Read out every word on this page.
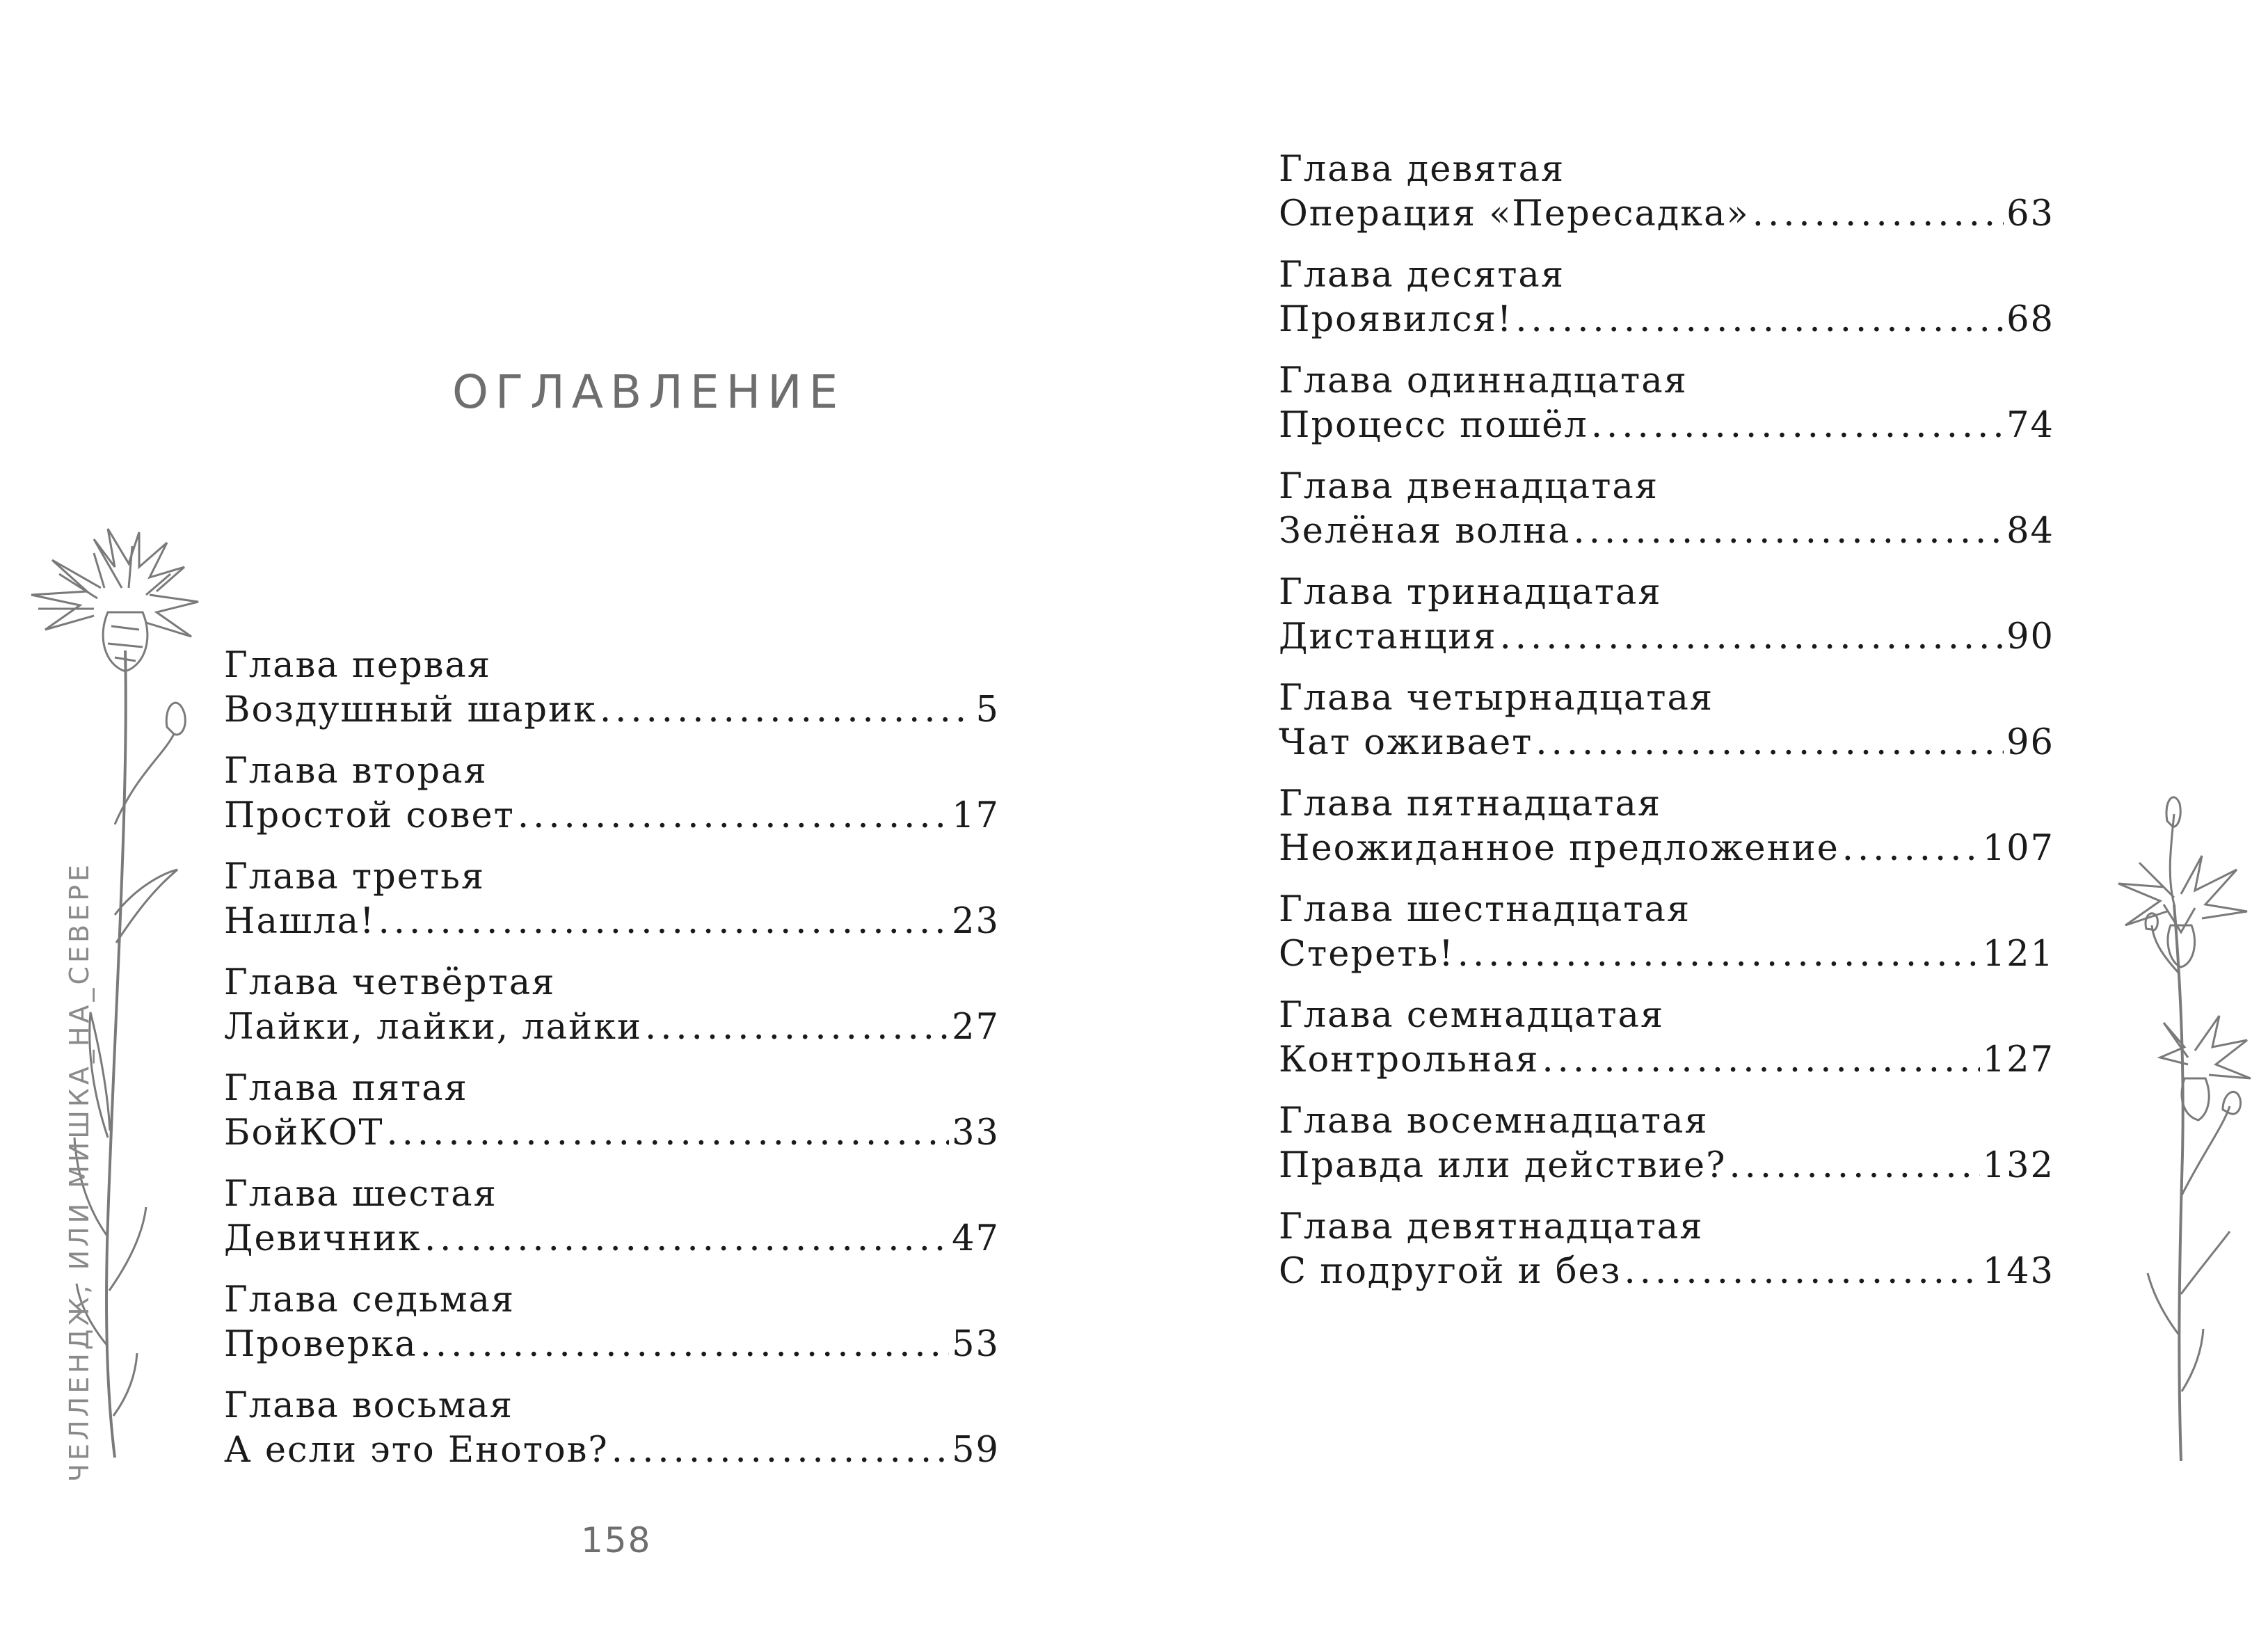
ЧЕЛЛЕНДЖ, ИЛИ МИШКА_НА_СЕВЕРЕ
ОГЛАВЛЕНИЕ
Глава первая
Воздушный шарик .....	5
Глава вторая
Простой совет .....	17
Глава третья
Нашла! .....	23
Глава четвёртая
Лайки, лайки, лайки .....	27
Глава пятая
БойКОТ .....	33
Глава шестая
Девичник .....	47
Глава седьмая
Проверка .....	53
Глава восьмая
А если это Енотов? .....	59
158
Глава девятая
Операция «Пересадка» .....	63
Глава десятая
Проявился! .....	68
Глава одиннадцатая
Процесс пошёл .....	74
Глава двенадцатая
Зелёная волна .....	84
Глава тринадцатая
Дистанция .....	90
Глава четырнадцатая
Чат оживает .....	96
Глава пятнадцатая
Неожиданное предложение .....	107
Глава шестнадцатая
Стереть! .....	121
Глава семнадцатая
Контрольная .....	127
Глава восемнадцатая
Правда или действие? .....	132
Глава девятнадцатая
С подругой и без .....	143
